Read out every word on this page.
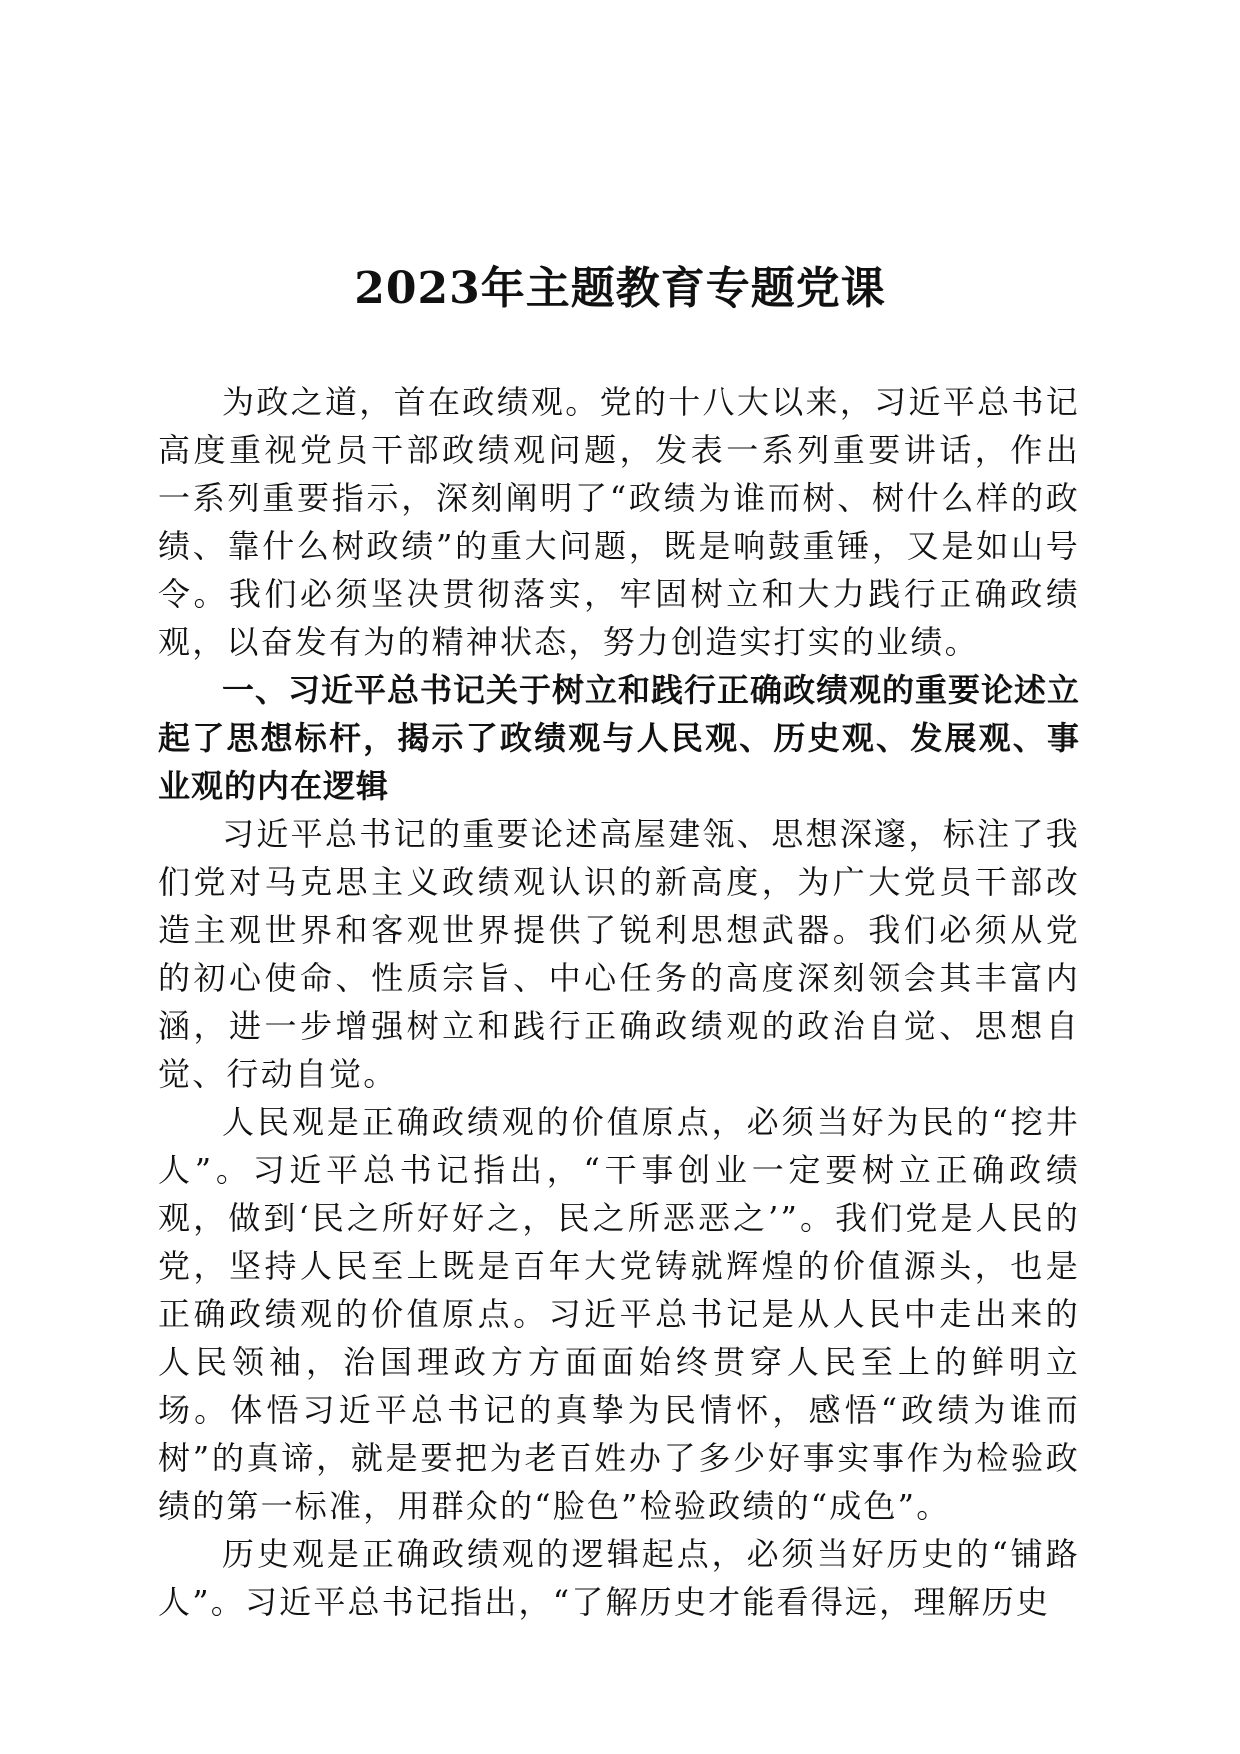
2023年主题教育专题党课

为政之道，首在政绩观。党的十八大以来，习近平总书记高度重视党员干部政绩观问题，发表一系列重要讲话，作出一系列重要指示，深刻阐明了“政绩为谁而树、树什么样的政绩、靠什么树政绩”的重大问题，既是响鼓重锤，又是如山号令。我们必须坚决贯彻落实，牢固树立和大力践行正确政绩观，以奋发有为的精神状态，努力创造实打实的业绩。

一、习近平总书记关于树立和践行正确政绩观的重要论述立起了思想标杆，揭示了政绩观与人民观、历史观、发展观、事业观的内在逻辑

习近平总书记的重要论述高屋建瓴、思想深邃，标注了我们党对马克思主义政绩观认识的新高度，为广大党员干部改造主观世界和客观世界提供了锐利思想武器。我们必须从党的初心使命、性质宗旨、中心任务的高度深刻领会其丰富内涵，进一步增强树立和践行正确政绩观的政治自觉、思想自觉、行动自觉。

人民观是正确政绩观的价值原点，必须当好为民的“挖井人”。习近平总书记指出，“干事创业一定要树立正确政绩观，做到‘民之所好好之，民之所恶恶之’”。我们党是人民的党，坚持人民至上既是百年大党铸就辉煌的价值源头，也是正确政绩观的价值原点。习近平总书记是从人民中走出来的人民领袖，治国理政方方面面始终贯穿人民至上的鲜明立场。体悟习近平总书记的真挚为民情怀，感悟“政绩为谁而树”的真谛，就是要把为老百姓办了多少好事实事作为检验政绩的第一标准，用群众的“脸色”检验政绩的“成色”。

历史观是正确政绩观的逻辑起点，必须当好历史的“铺路人”。习近平总书记指出，“了解历史才能看得远，理解历史
